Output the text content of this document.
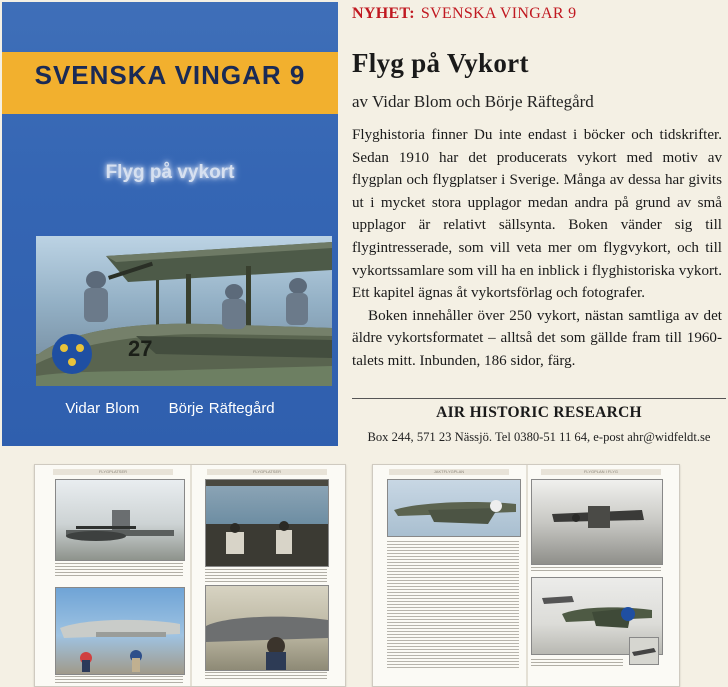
SVENSKA VINGAR 9
Flyg på vykort
27
Vidar Blom Börje Räftegård
NYHET: SVENSKA VINGAR 9
Flyg på Vykort
av Vidar Blom och Börje Räftegård

Flyghistoria finner Du inte endast i böcker och tidskrifter. Sedan 1910 har det producerats vykort med motiv av flygplan och flygplatser i Sverige. Många av dessa har givits ut i mycket stora upplagor medan andra på grund av små upplagor är relativt sällsynta. Boken vänder sig till flygintresserade, som vill veta mer om flygvykort, och till vykortssamlare som vill ha en inblick i flyghistoriska vykort. Ett kapitel ägnas åt vykortsförlag och fotografer.

Boken innehåller över 250 vykort, nästan samtliga av det äldre vykortsformatet – alltså det som gällde fram till 1960-talets mitt. Inbunden, 186 sidor, färg.

AIR HISTORIC RESEARCH
Box 244, 571 23 Nässjö. Tel 0380-51 11 64, e-post ahr@widfeldt.se
FLYGPLATSER	FLYGPLATSER	JAKTFLYGPLAN	FLYGPLAN I FLYG
